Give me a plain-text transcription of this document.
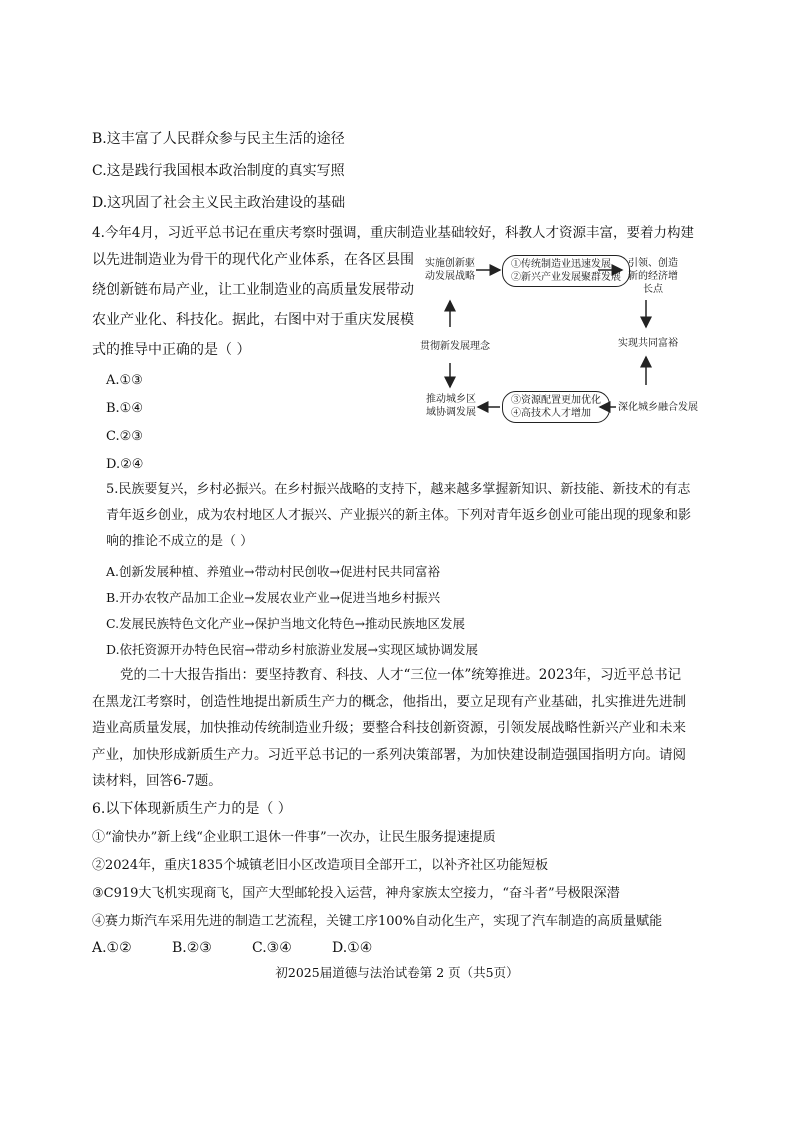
B.这丰富了人民群众参与民主生活的途径
C.这是践行我国根本政治制度的真实写照
D.这巩固了社会主义民主政治建设的基础
4.今年4月，习近平总书记在重庆考察时强调，重庆制造业基础较好，科教人才资源丰富，要着力构建
以先进制造业为骨干的现代化产业体系，在各区县围绕创新链布局产业，让工业制造业的高质量发展带动农业产业化、科技化。据此，右图中对于重庆发展模式的推导中正确的是（ ）
A.①③
B.①④
C.②③
D.②④
实施创新驱动发展战略
①传统制造业迅速发展
②新兴产业发展聚群发展
引领、创造新的经济增长点
贯彻新发展理念	实现共同富裕
推动城乡区域协调发展
③资源配置更加优化
④高技术人才增加
深化城乡融合发展
5.民族要复兴，乡村必振兴。在乡村振兴战略的支持下，越来越多掌握新知识、新技能、新技术的有志
青年返乡创业，成为农村地区人才振兴、产业振兴的新主体。下列对青年返乡创业可能出现的现象和影
响的推论不成立的是（ ）
A.创新发展种植、养殖业→带动村民创收→促进村民共同富裕
B.开办农牧产品加工企业→发展农业产业→促进当地乡村振兴
C.发展民族特色文化产业→保护当地文化特色→推动民族地区发展
D.依托资源开办特色民宿→带动乡村旅游业发展→实现区域协调发展
党的二十大报告指出：要坚持教育、科技、人才“三位一体”统筹推进。2023年，习近平总书记在黑龙江考察时，创造性地提出新质生产力的概念，他指出，要立足现有产业基础，扎实推进先进制造业高质量发展，加快推动传统制造业升级；要整合科技创新资源，引领发展战略性新兴产业和未来产业，加快形成新质生产力。习近平总书记的一系列决策部署，为加快建设制造强国指明方向。请阅读材料，回答6-7题。
6.以下体现新质生产力的是（ ）
①“渝快办”新上线“企业职工退休一件事”一次办，让民生服务提速提质
②2024年，重庆1835个城镇老旧小区改造项目全部开工，以补齐社区功能短板
③C919大飞机实现商飞，国产大型邮轮投入运营，神舟家族太空接力，“奋斗者”号极限深潜
④赛力斯汽车采用先进的制造工艺流程，关键工序100%自动化生产，实现了汽车制造的高质量赋能
A.①②	B.②③	C.③④	D.①④
初2025届道德与法治试卷第 2 页（共5页）
